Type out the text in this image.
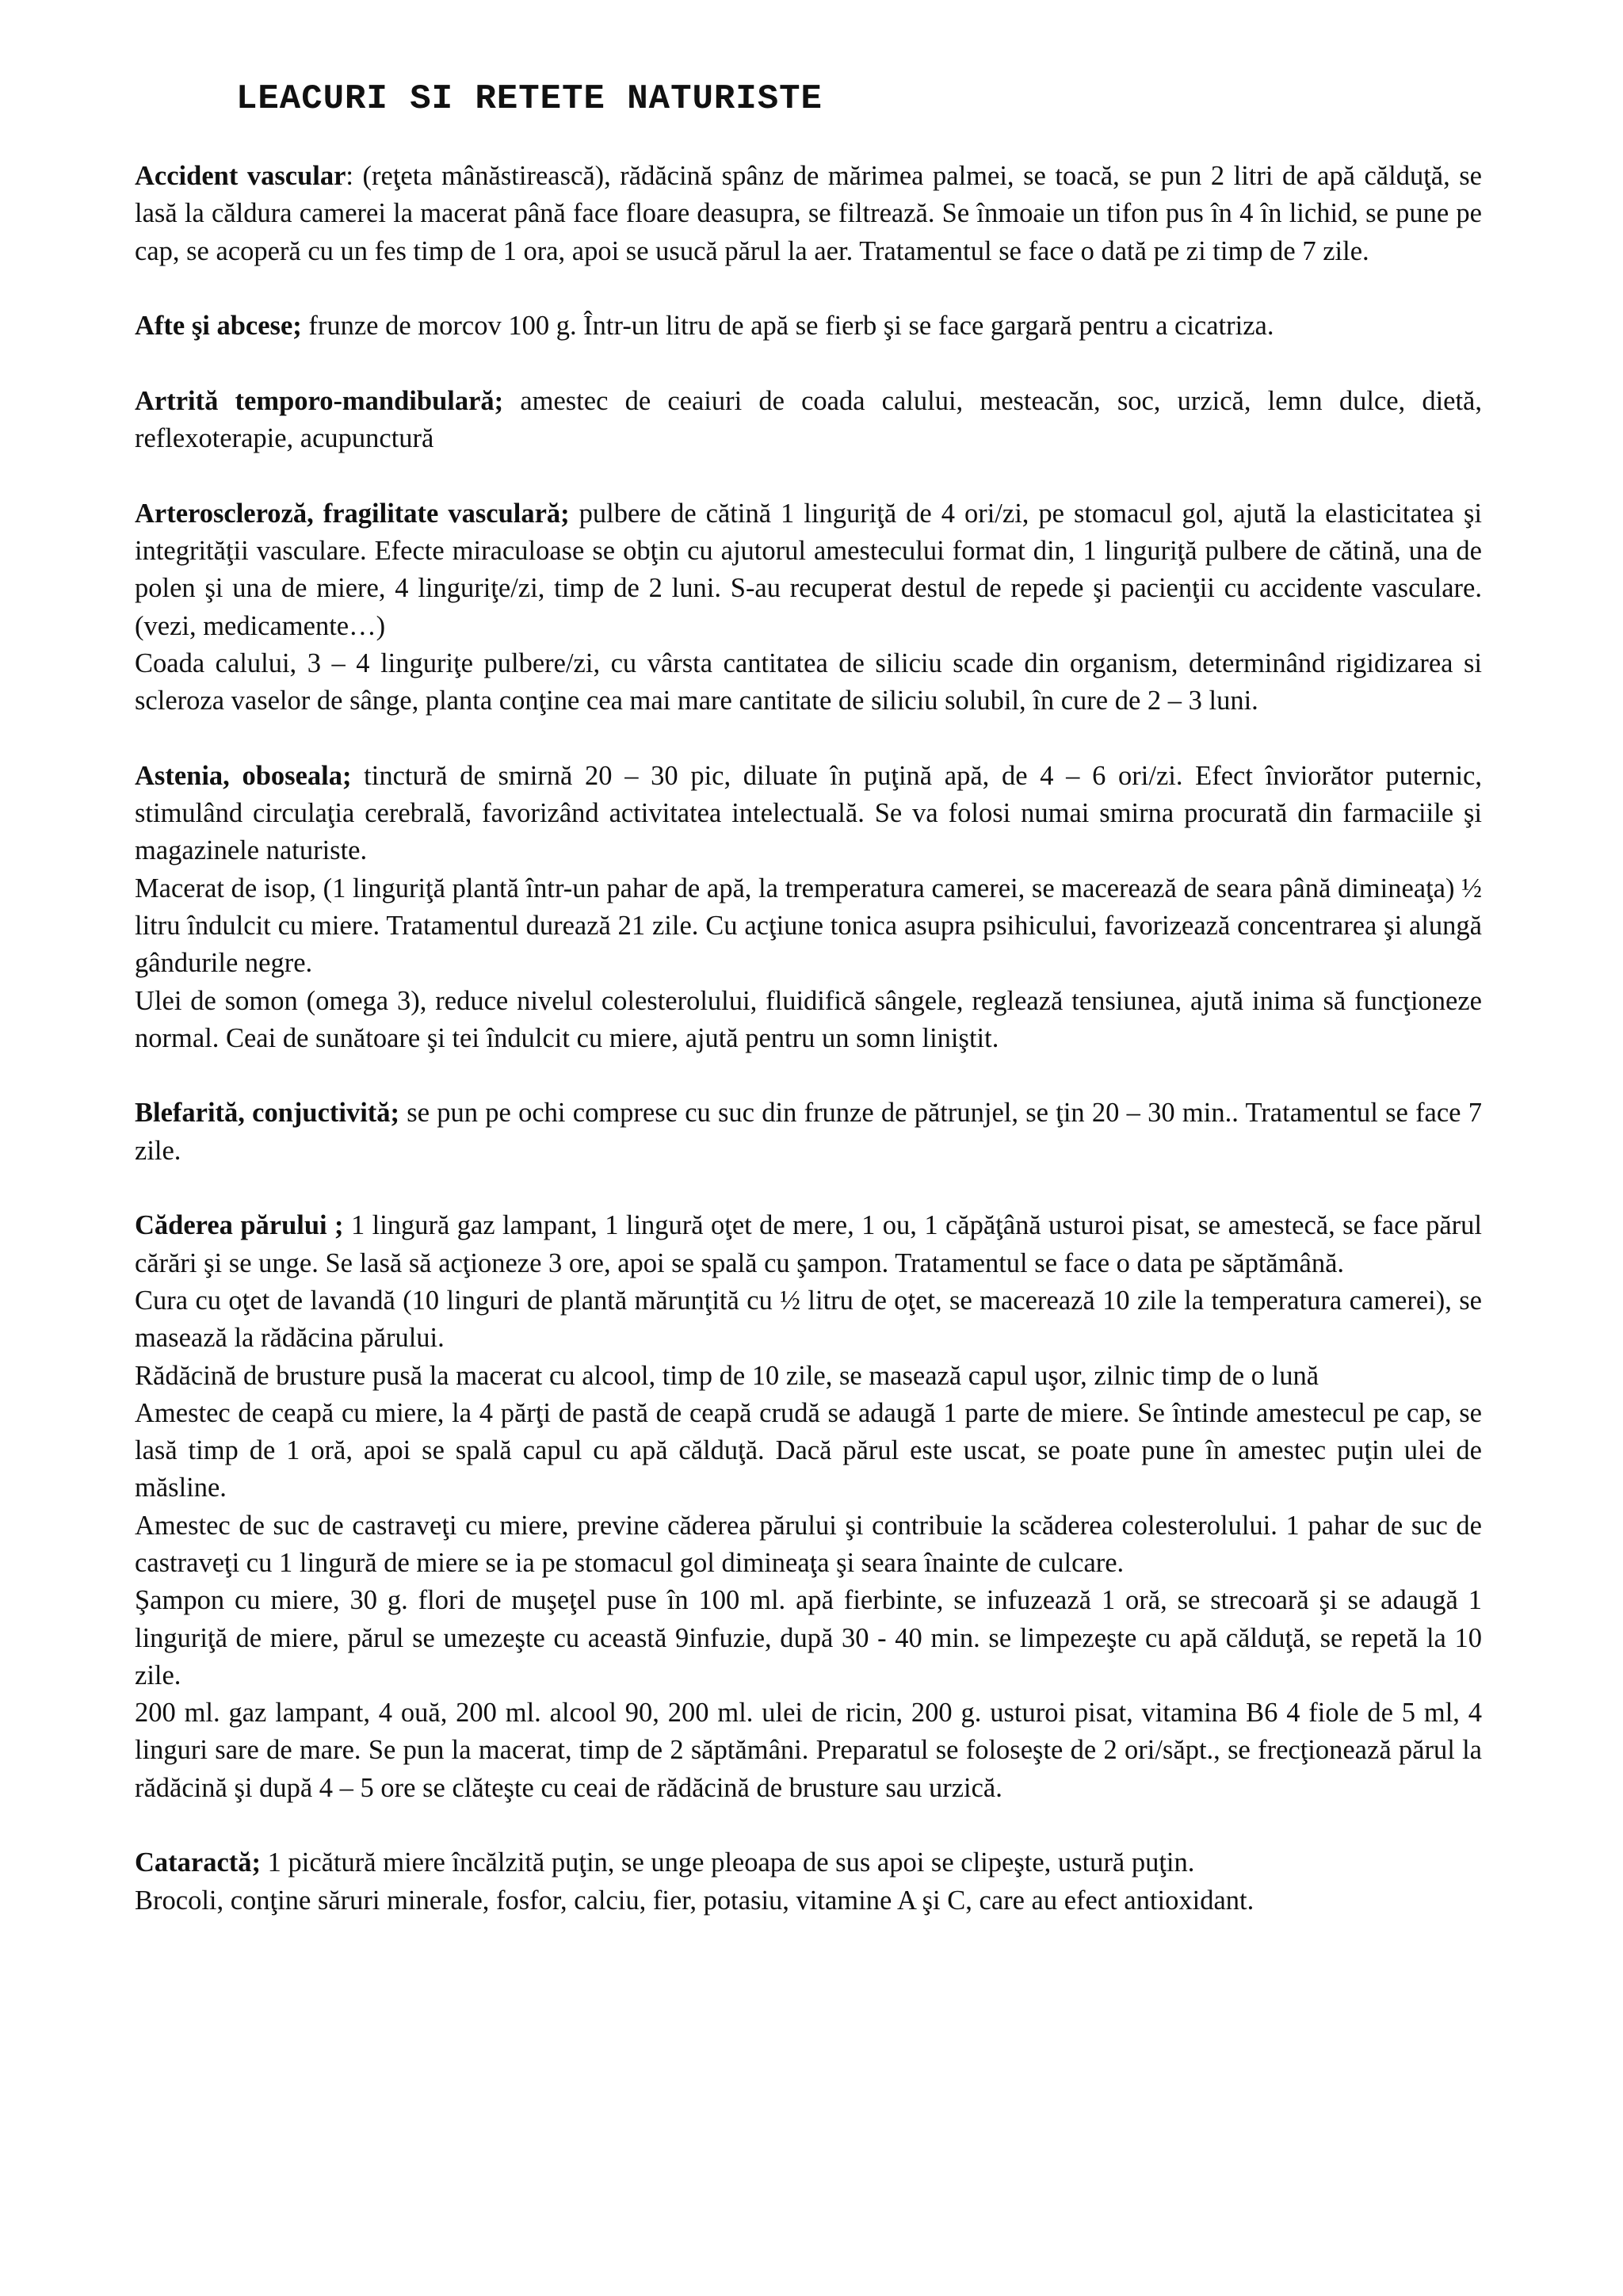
LEACURI SI RETETE NATURISTE

Accident vascular: (reţeta mânăstirească), rădăcină spânz de mărimea palmei, se toacă, se pun 2 litri de apă călduţă, se lasă la căldura camerei la macerat până face floare deasupra, se filtrează. Se înmoaie un tifon pus în 4 în lichid, se pune pe cap, se acoperă cu un fes timp de 1 ora, apoi se usucă părul la aer. Tratamentul se face o dată pe zi timp de 7 zile.

Afte şi abcese; frunze de morcov 100 g. Într-un litru de apă se fierb şi se face gargară pentru a cicatriza.

Artrită temporo-mandibulară; amestec de ceaiuri de coada calului, mesteacăn, soc, urzică, lemn dulce, dietă, reflexoterapie, acupunctură

Arteroscleroză, fragilitate vasculară; pulbere de cătină 1 linguriţă de 4 ori/zi, pe stomacul gol, ajută la elasticitatea şi integrităţii vasculare. Efecte miraculoase se obţin cu ajutorul amestecului format din, 1 linguriţă pulbere de cătină, una de polen şi una de miere, 4 linguriţe/zi, timp de 2 luni. S-au recuperat destul de repede şi pacienţii cu accidente vasculare.(vezi, medicamente…)

Coada calului, 3 – 4 linguriţe pulbere/zi, cu vârsta cantitatea de siliciu scade din organism, determinând rigidizarea si scleroza vaselor de sânge, planta conţine cea mai mare cantitate de siliciu solubil, în cure de 2 – 3 luni.

Astenia, oboseala; tinctură de smirnă 20 – 30 pic, diluate în puţină apă, de 4 – 6 ori/zi. Efect înviorător puternic, stimulând circulaţia cerebrală, favorizând activitatea intelectuală. Se va folosi numai smirna procurată din farmaciile şi magazinele naturiste.

Macerat de isop, (1 linguriţă plantă într-un pahar de apă, la tremperatura camerei, se macerează de seara până dimineaţa) ½ litru îndulcit cu miere. Tratamentul durează 21 zile. Cu acţiune tonica asupra psihicului, favorizează concentrarea şi alungă gândurile negre.

Ulei de somon (omega 3), reduce nivelul colesterolului, fluidifică sângele, reglează tensiunea, ajută inima să funcţioneze normal. Ceai de sunătoare şi tei îndulcit cu miere, ajută pentru un somn liniştit.

Blefarită, conjuctivită; se pun pe ochi comprese cu suc din frunze de pătrunjel, se ţin 20 – 30 min.. Tratamentul se face 7 zile.

Căderea părului ; 1 lingură gaz lampant, 1 lingură oţet de mere, 1 ou, 1 căpăţână usturoi pisat, se amestecă, se face părul cărări şi se unge. Se lasă să acţioneze 3 ore, apoi se spală cu şampon. Tratamentul se face o data pe săptămână.

Cura cu oţet de lavandă (10 linguri de plantă mărunţită cu ½ litru de oţet, se macerează 10 zile la temperatura camerei), se masează la rădăcina părului.

Rădăcină de brusture pusă la macerat cu alcool, timp de 10 zile, se masează capul uşor, zilnic timp de o lună

Amestec de ceapă cu miere, la 4 părţi de pastă de ceapă crudă se adaugă 1 parte de miere. Se întinde amestecul pe cap, se lasă timp de 1 oră, apoi se spală capul cu apă călduţă. Dacă părul este uscat, se poate pune în amestec puţin ulei de măsline.

Amestec de suc de castraveţi cu miere, previne căderea părului şi contribuie la scăderea colesterolului. 1 pahar de suc de castraveţi cu 1 lingură de miere se ia pe stomacul gol dimineaţa şi seara înainte de culcare.

Şampon cu miere, 30 g. flori de muşeţel puse în 100 ml. apă fierbinte, se infuzează 1 oră, se strecoară şi se adaugă 1 linguriţă de miere, părul se umezeşte cu această 9infuzie, după 30 - 40 min. se limpezeşte cu apă călduţă, se repetă la 10 zile.

200 ml. gaz lampant, 4 ouă, 200 ml. alcool 90, 200 ml. ulei de ricin, 200 g. usturoi pisat, vitamina B6 4 fiole de 5 ml, 4 linguri sare de mare. Se pun la macerat, timp de 2 săptămâni. Preparatul se foloseşte de 2 ori/săpt., se frecţionează părul la rădăcină şi după 4 – 5 ore se clăteşte cu ceai de rădăcină de brusture sau urzică.

Cataractă; 1 picătură miere încălzită puţin, se unge pleoapa de sus apoi se clipeşte, ustură puţin.

Brocoli, conţine săruri minerale, fosfor, calciu, fier, potasiu, vitamine A şi C, care au efect antioxidant.
